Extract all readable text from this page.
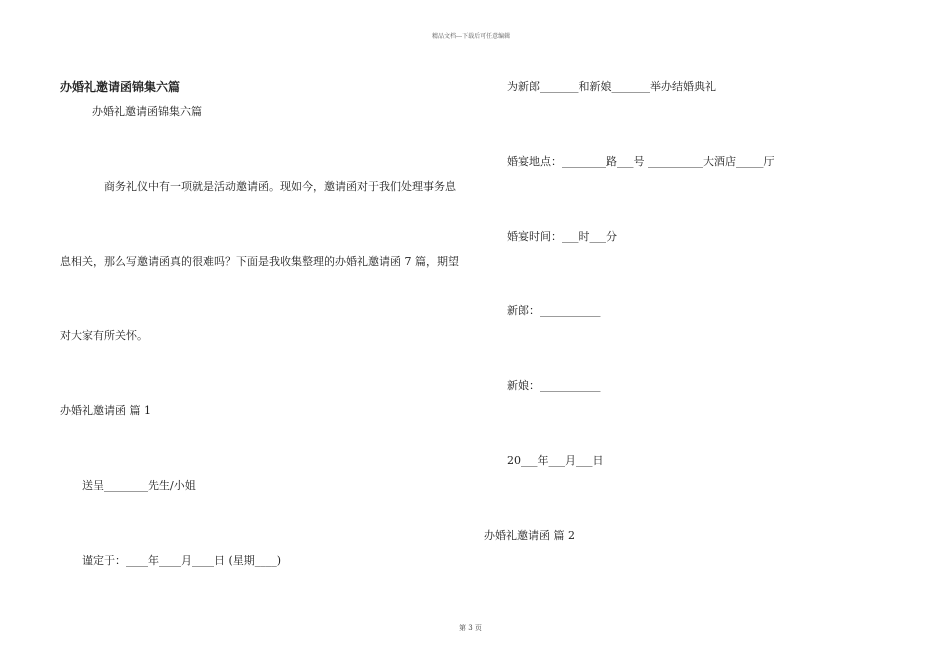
精品文档---下载后可任意编辑
办婚礼邀请函锦集六篇
办婚礼邀请函锦集六篇
商务礼仪中有一项就是活动邀请函。现如今，邀请函对于我们处理事务息
息相关，那么写邀请函真的很难吗？下面是我收集整理的办婚礼邀请函 7 篇，期望
对大家有所关怀。
办婚礼邀请函 篇 1
送呈________先生/小姐
谨定于：____年____月____日 (星期____)
为新郎_______和新娘_______举办结婚典礼
婚宴地点：________路___号 __________大酒店_____厅
婚宴时间：___时___分
新郎：___________
新娘：___________
20___年___月___日
办婚礼邀请函 篇 2
第 3 页
